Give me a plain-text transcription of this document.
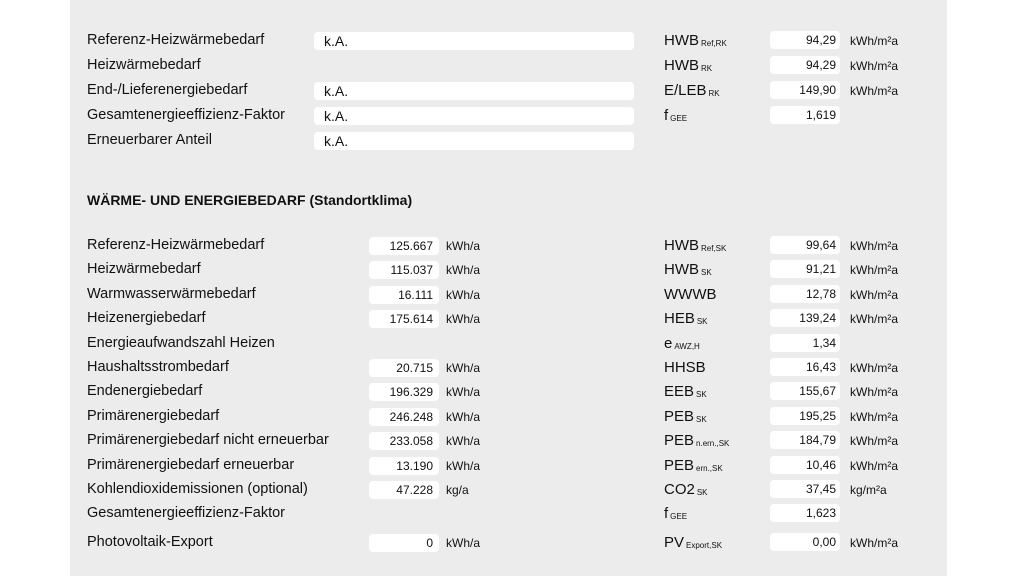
Referenz-Heizwärmebedarf	k.A.	HWB $_{Ref,RK}$	94,29	kWh/m²a
Heizwärmebedarf	HWB $_{RK}$	94,29	kWh/m²a
End-/Lieferenergiebedarf	k.A.	E/LEB $_{RK}$	149,90	kWh/m²a
Gesamtenergieeffizienz-Faktor	k.A.	f $_{GEE}$	1,619
Erneuerbarer Anteil	k.A.
WÄRME- UND ENERGIEBEDARF (Standortklima)
Referenz-Heizwärmebedarf	125.667	kWh/a	HWB $_{Ref,SK}$	99,64	kWh/m²a
Heizwärmebedarf	115.037	kWh/a	HWB $_{SK}$	91,21	kWh/m²a
Warmwasserwärmebedarf	16.111	kWh/a	WWWB	12,78	kWh/m²a
Heizenergiebedarf	175.614	kWh/a	HEB $_{SK}$	139,24	kWh/m²a
Energieaufwandszahl Heizen	e $_{AWZ,H}$	1,34
Haushaltsstrombedarf	20.715	kWh/a	HHSB	16,43	kWh/m²a
Endenergiebedarf	196.329	kWh/a	EEB $_{SK}$	155,67	kWh/m²a
Primärenergiebedarf	246.248	kWh/a	PEB $_{SK}$	195,25	kWh/m²a
Primärenergiebedarf nicht erneuerbar	233.058	kWh/a	PEB $_{n.ern.,SK}$	184,79	kWh/m²a
Primärenergiebedarf erneuerbar	13.190	kWh/a	PEB $_{ern.,SK}$	10,46	kWh/m²a
Kohlendioxidemissionen (optional)	47.228	kg/a	CO2 $_{SK}$	37,45	kg/m²a
Gesamtenergieeffizienz-Faktor	f $_{GEE}$	1,623
Photovoltaik-Export	0	kWh/a	PV $_{Export,SK}$	0,00	kWh/m²a
